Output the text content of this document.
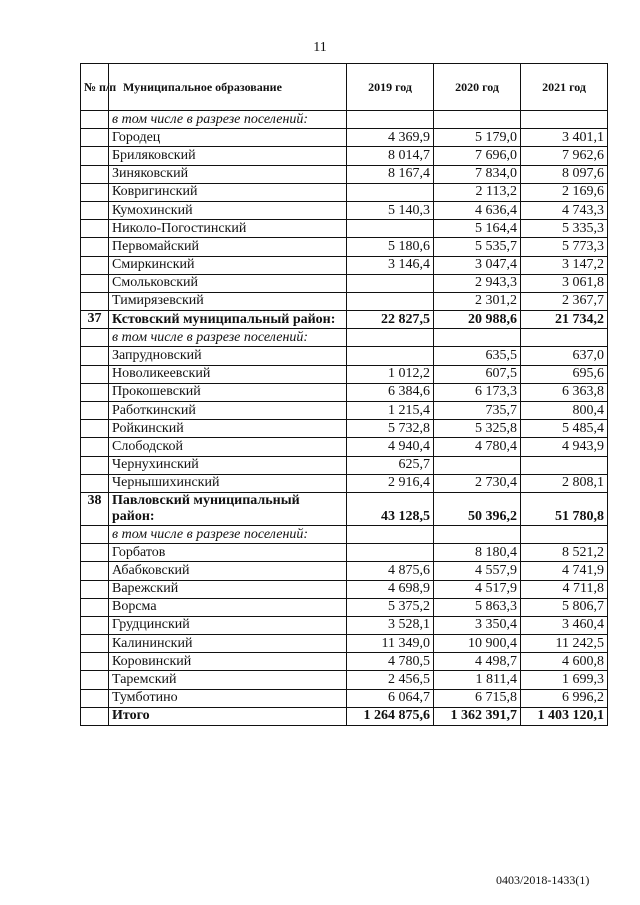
11
№ п/п	Муниципальное образование	2019 год	2020 год	2021 год
	в том числе в разрезе поселений:			
	Городец	4 369,9	5 179,0	3 401,1
	Бриляковский	8 014,7	7 696,0	7 962,6
	Зиняковский	8 167,4	7 834,0	8 097,6
	Ковригинский		2 113,2	2 169,6
	Кумохинский	5 140,3	4 636,4	4 743,3
	Николо-Погостинский		5 164,4	5 335,3
	Первомайский	5 180,6	5 535,7	5 773,3
	Смиркинский	3 146,4	3 047,4	3 147,2
	Смольковский		2 943,3	3 061,8
	Тимирязевский		2 301,2	2 367,7
37	Кстовский муниципальный район:	22 827,5	20 988,6	21 734,2
	в том числе в разрезе поселений:			
	Запрудновский		635,5	637,0
	Новоликеевский	1 012,2	607,5	695,6
	Прокошевский	6 384,6	6 173,3	6 363,8
	Работкинский	1 215,4	735,7	800,4
	Ройкинский	5 732,8	5 325,8	5 485,4
	Слободской	4 940,4	4 780,4	4 943,9
	Чернухинский	625,7		
	Чернышихинский	2 916,4	2 730,4	2 808,1
38	Павловский муниципальный район:	43 128,5	50 396,2	51 780,8
	в том числе в разрезе поселений:			
	Горбатов		8 180,4	8 521,2
	Абабковский	4 875,6	4 557,9	4 741,9
	Варежский	4 698,9	4 517,9	4 711,8
	Ворсма	5 375,2	5 863,3	5 806,7
	Грудцинский	3 528,1	3 350,4	3 460,4
	Калининский	11 349,0	10 900,4	11 242,5
	Коровинский	4 780,5	4 498,7	4 600,8
	Таремский	2 456,5	1 811,4	1 699,3
	Тумботино	6 064,7	6 715,8	6 996,2
	Итого	1 264 875,6	1 362 391,7	1 403 120,1
0403/2018-1433(1)
